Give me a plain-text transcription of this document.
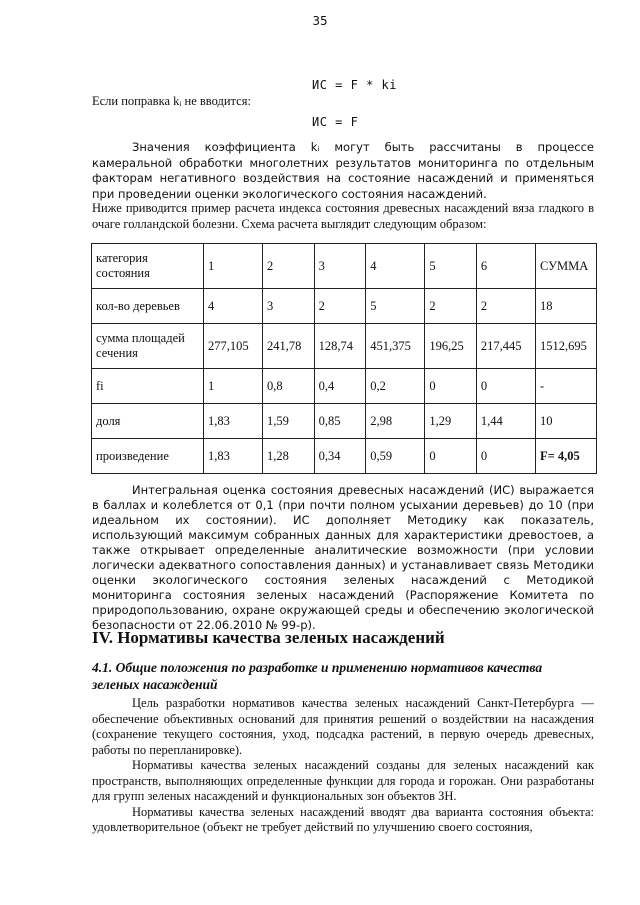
35
ИС = F * ki
Если поправка kᵢ не вводится:
ИС = F

Значения коэффициента kᵢ могут быть рассчитаны в процессе камеральной обработки многолетних результатов мониторинга по отдельным факторам негативного воздействия на состояние насаждений и применяться при проведении оценки экологического состояния насаждений.

Ниже приводится пример расчета индекса состояния древесных насаждений вяза гладкого в очаге голландской болезни. Схема расчета выглядит следующим образом:

категория состояния	1	2	3	4	5	6	СУММА
кол-во деревьев	4	3	2	5	2	2	18
сумма площадей сечения	277,105	241,78	128,74	451,375	196,25	217,445	1512,695
fi	1	0,8	0,4	0,2	0	0	-
доля	1,83	1,59	0,85	2,98	1,29	1,44	10
произведение	1,83	1,28	0,34	0,59	0	0	F= 4,05

Интегральная оценка состояния древесных насаждений (ИС) выражается в баллах и колеблется от 0,1 (при почти полном усыхании деревьев) до 10 (при идеальном их состоянии). ИС дополняет Методику как показатель, использующий максимум собранных данных для характеристики древостоев, а также открывает определенные аналитические возможности (при условии логически адекватного сопоставления данных) и устанавливает связь Методики оценки экологического состояния зеленых насаждений с Методикой мониторинга состояния зеленых насаждений (Распоряжение Комитета по природопользованию, охране окружающей среды и обеспечению экологической безопасности от 22.06.2010 № 99-р).

IV. Нормативы качества зеленых насаждений
4.1. Общие положения по разработке и применению нормативов качества зеленых насаждений

Цель разработки нормативов качества зеленых насаждений Санкт-Петербурга — обеспечение объективных оснований для принятия решений о воздействии на насаждения (сохранение текущего состояния, уход, подсадка растений, в первую очередь древесных, работы по перепланировке).

Нормативы качества зеленых насаждений созданы для зеленых насаждений как пространств, выполняющих определенные функции для города и горожан. Они разработаны для групп зеленых насаждений и функциональных зон объектов ЗН.

Нормативы качества зеленых насаждений вводят два варианта состояния объекта: удовлетворительное (объект не требует действий по улучшению своего состояния,
